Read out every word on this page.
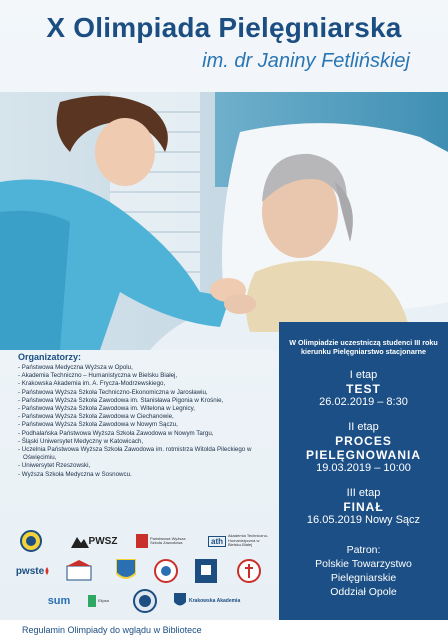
X Olimpiada Pielęgniarska
im. dr Janiny Fetlińskiej
Organizatorzy:
- Państwowa Medyczna Wyższa w Opolu,
- Akademia Techniczno – Humanistyczna w Bielsku Białej,
- Krakowska Akademia im. A. Frycza-Modrzewskiego,
- Państwowa Wyższa Szkoła Techniczno-Ekonomiczna w Jarosławiu,
- Państwowa Wyższa Szkoła Zawodowa im. Stanisława Pigonia w Krośnie,
- Państwowa Wyższa Szkoła Zawodowa im. Witelona w Legnicy,
- Państwowa Wyższa Szkoła Zawodowa w Ciechanowie,
- Państwowa Wyższa Szkoła Zawodowa w Nowym Sączu,
- Podhalańska Państwowa Wyższa Szkoła Zawodowa w Nowym Targu,
- Śląski Uniwersytet Medyczny w Katowicach,
- Uczelnia Państwowa Wyższa Szkoła Zawodowa im. rotmistrza Witolda Pileckiego w Oświęcimiu,
- Uniwersytet Rzeszowski,
- Wyższa Szkoła Medyczna w Sosnowcu.
W Olimpiadzie uczestniczą studenci III roku kierunku Pielęgniarstwo stacjonarne
I etap
TEST
26.02.2019 – 8:30
II etap
PROCES PIELĘGNOWANIA
19.03.2019 – 10:00
III etap
FINAŁ
16.05.2019 Nowy Sącz
Patron:
Polskie Towarzystwo
Pielęgniarskie
Oddział Opole
PWSZ	Państwowa Wyższa Szkoła Zawodowa	ath
Akademia Techniczno-Humanistyczna w Bielsku-Białej
pwste
sum	Elipsa	Krakowska Akademia
Regulamin Olimpiady do wglądu w Bibliotece
